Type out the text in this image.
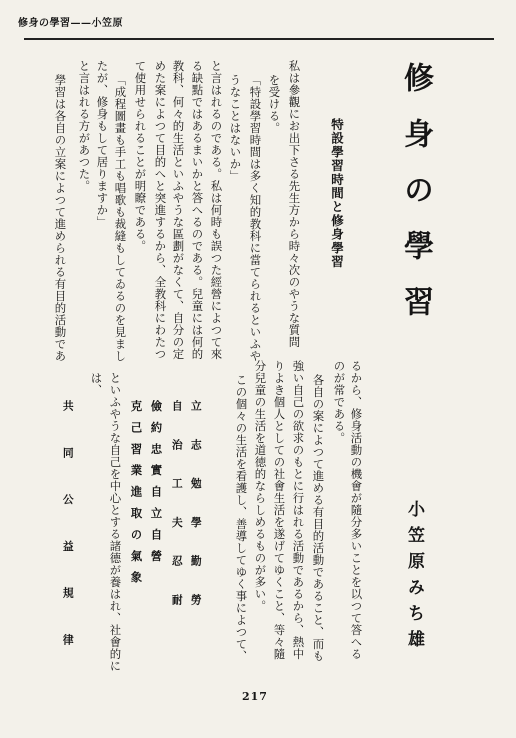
修身の學習——小笠原
學習は各自の立案によつて進められる有目的活動であ と言はれる方があつた。 たが、修身もして居りますか」 「成程圖畫も手工も唱歌も裁縫もしてゐるのを見まし て使用せられることが明瞭である。 めた案によつて目的へと突進するから、全教科にわたつ 教科、何々的生活といふやうな區劃がなくて、自分の定 る缺點ではあるまいかと答へるのである。兒童には何的 と言はれるのである。私は何時も誤つた經營によつて來 うなことはないか」 「特設學習時間は多く知的教科に當てられるといふや を受ける。 私は參觀にお出下さる先生方から時々次のやうな質問 特設學習時間と修身學習 修身の學習
小笠原みち雄
るから、修身活動の機會が隨分多いことを以つて答へる
のが常である。
各自の案によつて進める有目的活動であること、而も
強い自己の欲求のもとに行はれる活動であるから、熱中
りよき個人としての社會生活を遂げてゆくこと、等々隨
分兒童の生活を道徳的ならしめるものが多い。
この個々の生活を看護し、善導してゆく事によつて、
立志勉學勤勞
自治工夫忍耐
儉約忠實自立自營
克己習業進取の氣象
といふやうな自己を中心とする諸德が養はれ、社會的に
は、
共同公益規律
217
